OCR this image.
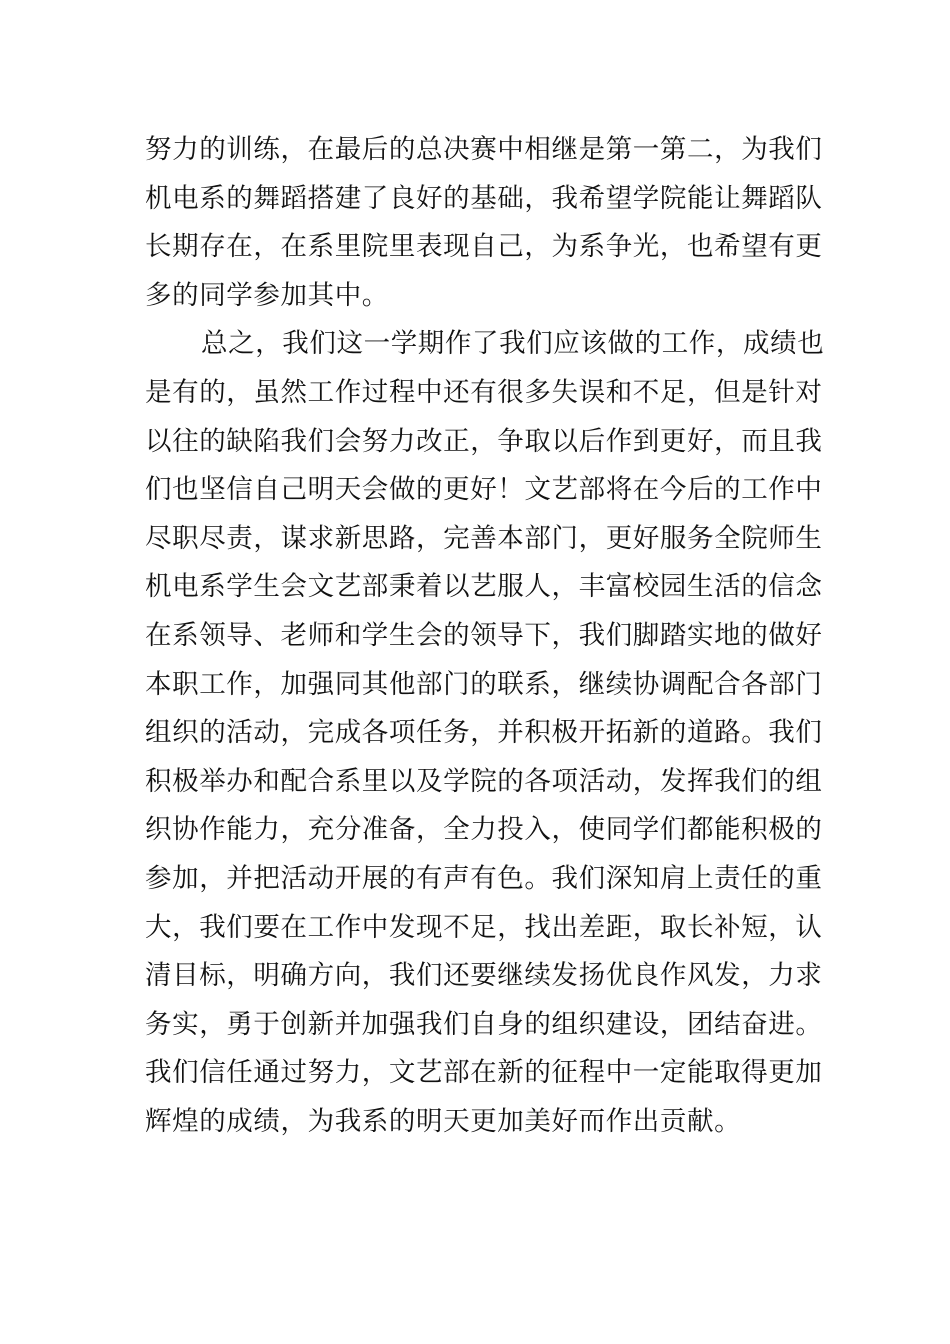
努力的训练，在最后的总决赛中相继是第一第二，为我们
机电系的舞蹈搭建了良好的基础，我希望学院能让舞蹈队
长期存在，在系里院里表现自己，为系争光，也希望有更
多的同学参加其中。
总之，我们这一学期作了我们应该做的工作，成绩也
是有的，虽然工作过程中还有很多失误和不足，但是针对
以往的缺陷我们会努力改正，争取以后作到更好，而且我
们也坚信自己明天会做的更好！文艺部将在今后的工作中
尽职尽责，谋求新思路，完善本部门，更好服务全院师生
机电系学生会文艺部秉着以艺服人，丰富校园生活的信念
在系领导、老师和学生会的领导下，我们脚踏实地的做好
本职工作，加强同其他部门的联系，继续协调配合各部门
组织的活动，完成各项任务，并积极开拓新的道路。我们
积极举办和配合系里以及学院的各项活动，发挥我们的组
织协作能力，充分准备，全力投入，使同学们都能积极的
参加，并把活动开展的有声有色。我们深知肩上责任的重
大，我们要在工作中发现不足，找出差距，取长补短，认
清目标，明确方向，我们还要继续发扬优良作风发，力求
务实，勇于创新并加强我们自身的组织建设，团结奋进。
我们信任通过努力，文艺部在新的征程中一定能取得更加
辉煌的成绩，为我系的明天更加美好而作出贡献。
